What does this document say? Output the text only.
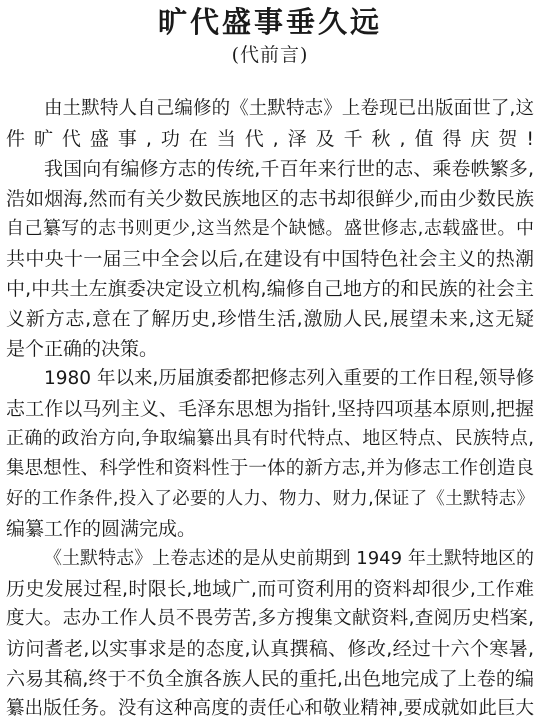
旷代盛事垂久远
(代前言)
由土默特人自己编修的《土默特志》上卷现已出版面世了,这
件旷代盛事,功在当代,泽及千秋,值得庆贺!
我国向有编修方志的传统,千百年来行世的志、乘卷帙繁多,
浩如烟海,然而有关少数民族地区的志书却很鲜少,而由少数民族
自己纂写的志书则更少,这当然是个缺憾。盛世修志,志载盛世。中
共中央十一届三中全会以后,在建设有中国特色社会主义的热潮
中,中共土左旗委决定设立机构,编修自己地方的和民族的社会主
义新方志,意在了解历史,珍惜生活,激励人民,展望未来,这无疑
是个正确的决策。
1980 年以来,历届旗委都把修志列入重要的工作日程,领导修
志工作以马列主义、毛泽东思想为指针,坚持四项基本原则,把握
正确的政治方向,争取编纂出具有时代特点、地区特点、民族特点,
集思想性、科学性和资料性于一体的新方志,并为修志工作创造良
好的工作条件,投入了必要的人力、物力、财力,保证了《土默特志》
编纂工作的圆满完成。
《土默特志》上卷志述的是从史前期到 1949 年土默特地区的
历史发展过程,时限长,地域广,而可资利用的资料却很少,工作难
度大。志办工作人员不畏劳苦,多方搜集文献资料,查阅历史档案,
访问耆老,以实事求是的态度,认真撰稿、修改,经过十六个寒暑,
六易其稿,终于不负全旗各族人民的重托,出色地完成了上卷的编
纂出版任务。没有这种高度的责任心和敬业精神,要成就如此巨大
